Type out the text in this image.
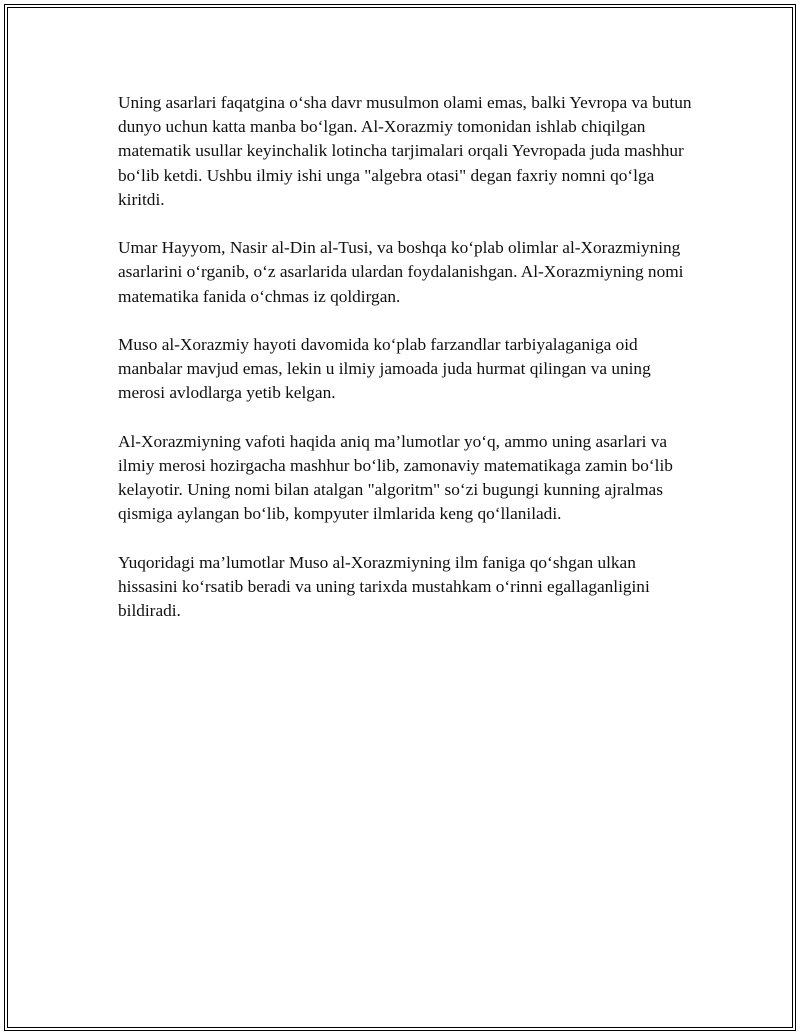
Uning asarlari faqatgina o‘sha davr musulmon olami emas, balki Yevropa va butun dunyo uchun katta manba bo‘lgan. Al-Xorazmiy tomonidan ishlab chiqilgan matematik usullar keyinchalik lotincha tarjimalari orqali Yevropada juda mashhur bo‘lib ketdi. Ushbu ilmiy ishi unga "algebra otasi" degan faxriy nomni qo‘lga kiritdi.

Umar Hayyom, Nasir al-Din al-Tusi, va boshqa ko‘plab olimlar al-Xorazmiyning asarlarini o‘rganib, o‘z asarlarida ulardan foydalanishgan. Al-Xorazmiyning nomi matematika fanida o‘chmas iz qoldirgan.

Muso al-Xorazmiy hayoti davomida ko‘plab farzandlar tarbiyalaganiga oid manbalar mavjud emas, lekin u ilmiy jamoada juda hurmat qilingan va uning merosi avlodlarga yetib kelgan.

Al-Xorazmiyning vafoti haqida aniq ma’lumotlar yo‘q, ammo uning asarlari va ilmiy merosi hozirgacha mashhur bo‘lib, zamonaviy matematikaga zamin bo‘lib kelayotir. Uning nomi bilan atalgan "algoritm" so‘zi bugungi kunning ajralmas qismiga aylangan bo‘lib, kompyuter ilmlarida keng qo‘llaniladi.

Yuqoridagi ma’lumotlar Muso al-Xorazmiyning ilm faniga qo‘shgan ulkan hissasini ko‘rsatib beradi va uning tarixda mustahkam o‘rinni egallaganligini bildiradi.
